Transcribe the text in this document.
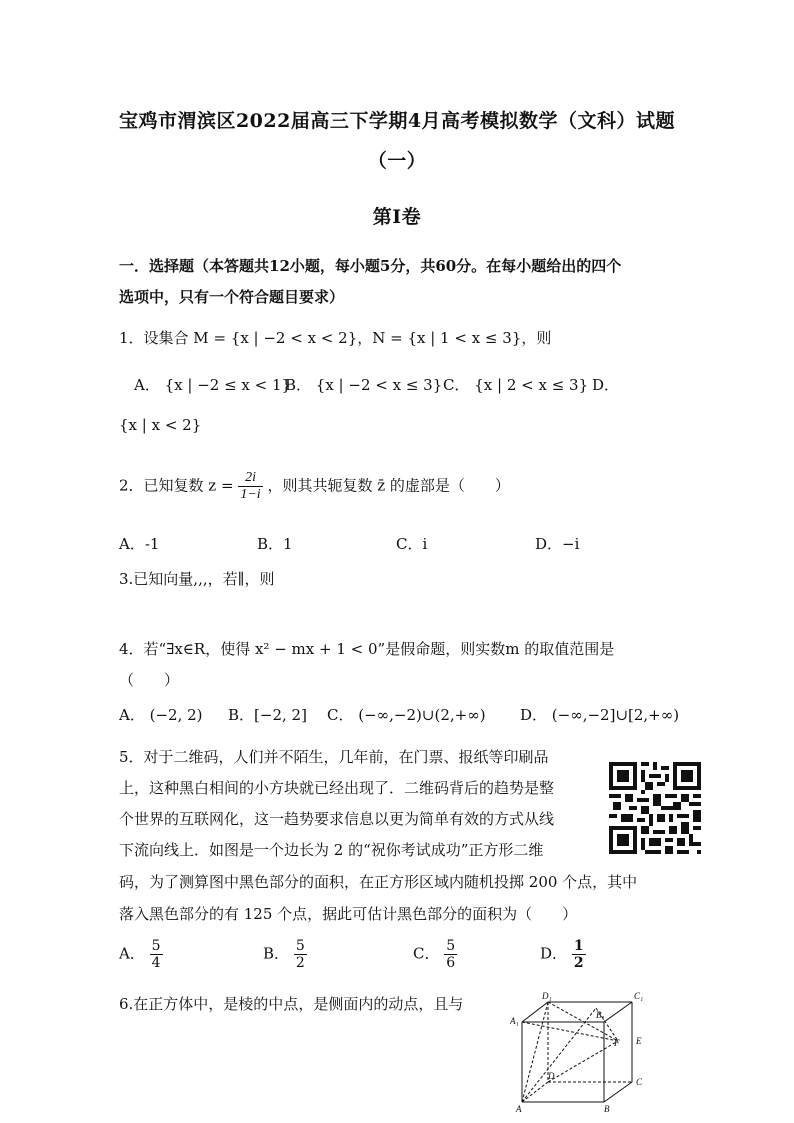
宝鸡市渭滨区2022届高三下学期4月高考模拟数学（文科）试题
（一）
第Ⅰ卷
一．选择题（本答题共12小题，每小题5分，共60分。在每小题给出的四个
选项中，只有一个符合题目要求）
1．设集合 M = {x | −2 < x < 2}，N = {x | 1 < x ≤ 3}，则
A． {x | −2 ≤ x < 1}
B． {x | −2 < x ≤ 3} C． {x | 2 < x ≤ 3} D．
{x | x < 2}
2．已知复数 $z = \frac{2i}{1-i}$ ，则其共轭复数 z̄ 的虚部是（　　）
A．-1	B．1	C．i	D．−i
3.已知向量,,,，若∥，则
4．若“∃x∈R，使得 x² − mx + 1 < 0”是假命题，则实数m 的取值范围是
（　　）
A． (−2, 2) B．[−2, 2] C． (−∞,−2)∪(2,+∞) D． (−∞,−2]∪[2,+∞)
5．对于二维码，人们并不陌生，几年前，在门票、报纸等印刷品
上，这种黑白相间的小方块就已经出现了．二维码背后的趋势是整
个世界的互联网化，这一趋势要求信息以更为简单有效的方式从线
下流向线上．如图是一个边长为 2 的“祝你考试成功”正方形二维
码，为了测算图中黑色部分的面积，在正方形区域内随机投掷 200 个点，其中
落入黑色部分的有 125 个点，据此可估计黑色部分的面积为（　　）
A． $\frac{5}{4}$	B． $\frac{5}{2}$	C． $\frac{5}{6}$	D． $\frac{1}{2}$
6.在正方体中，是棱的中点，是侧面内的动点，且与
A	B
C
D
A₁
B₁
C₁
D₁
E
F
